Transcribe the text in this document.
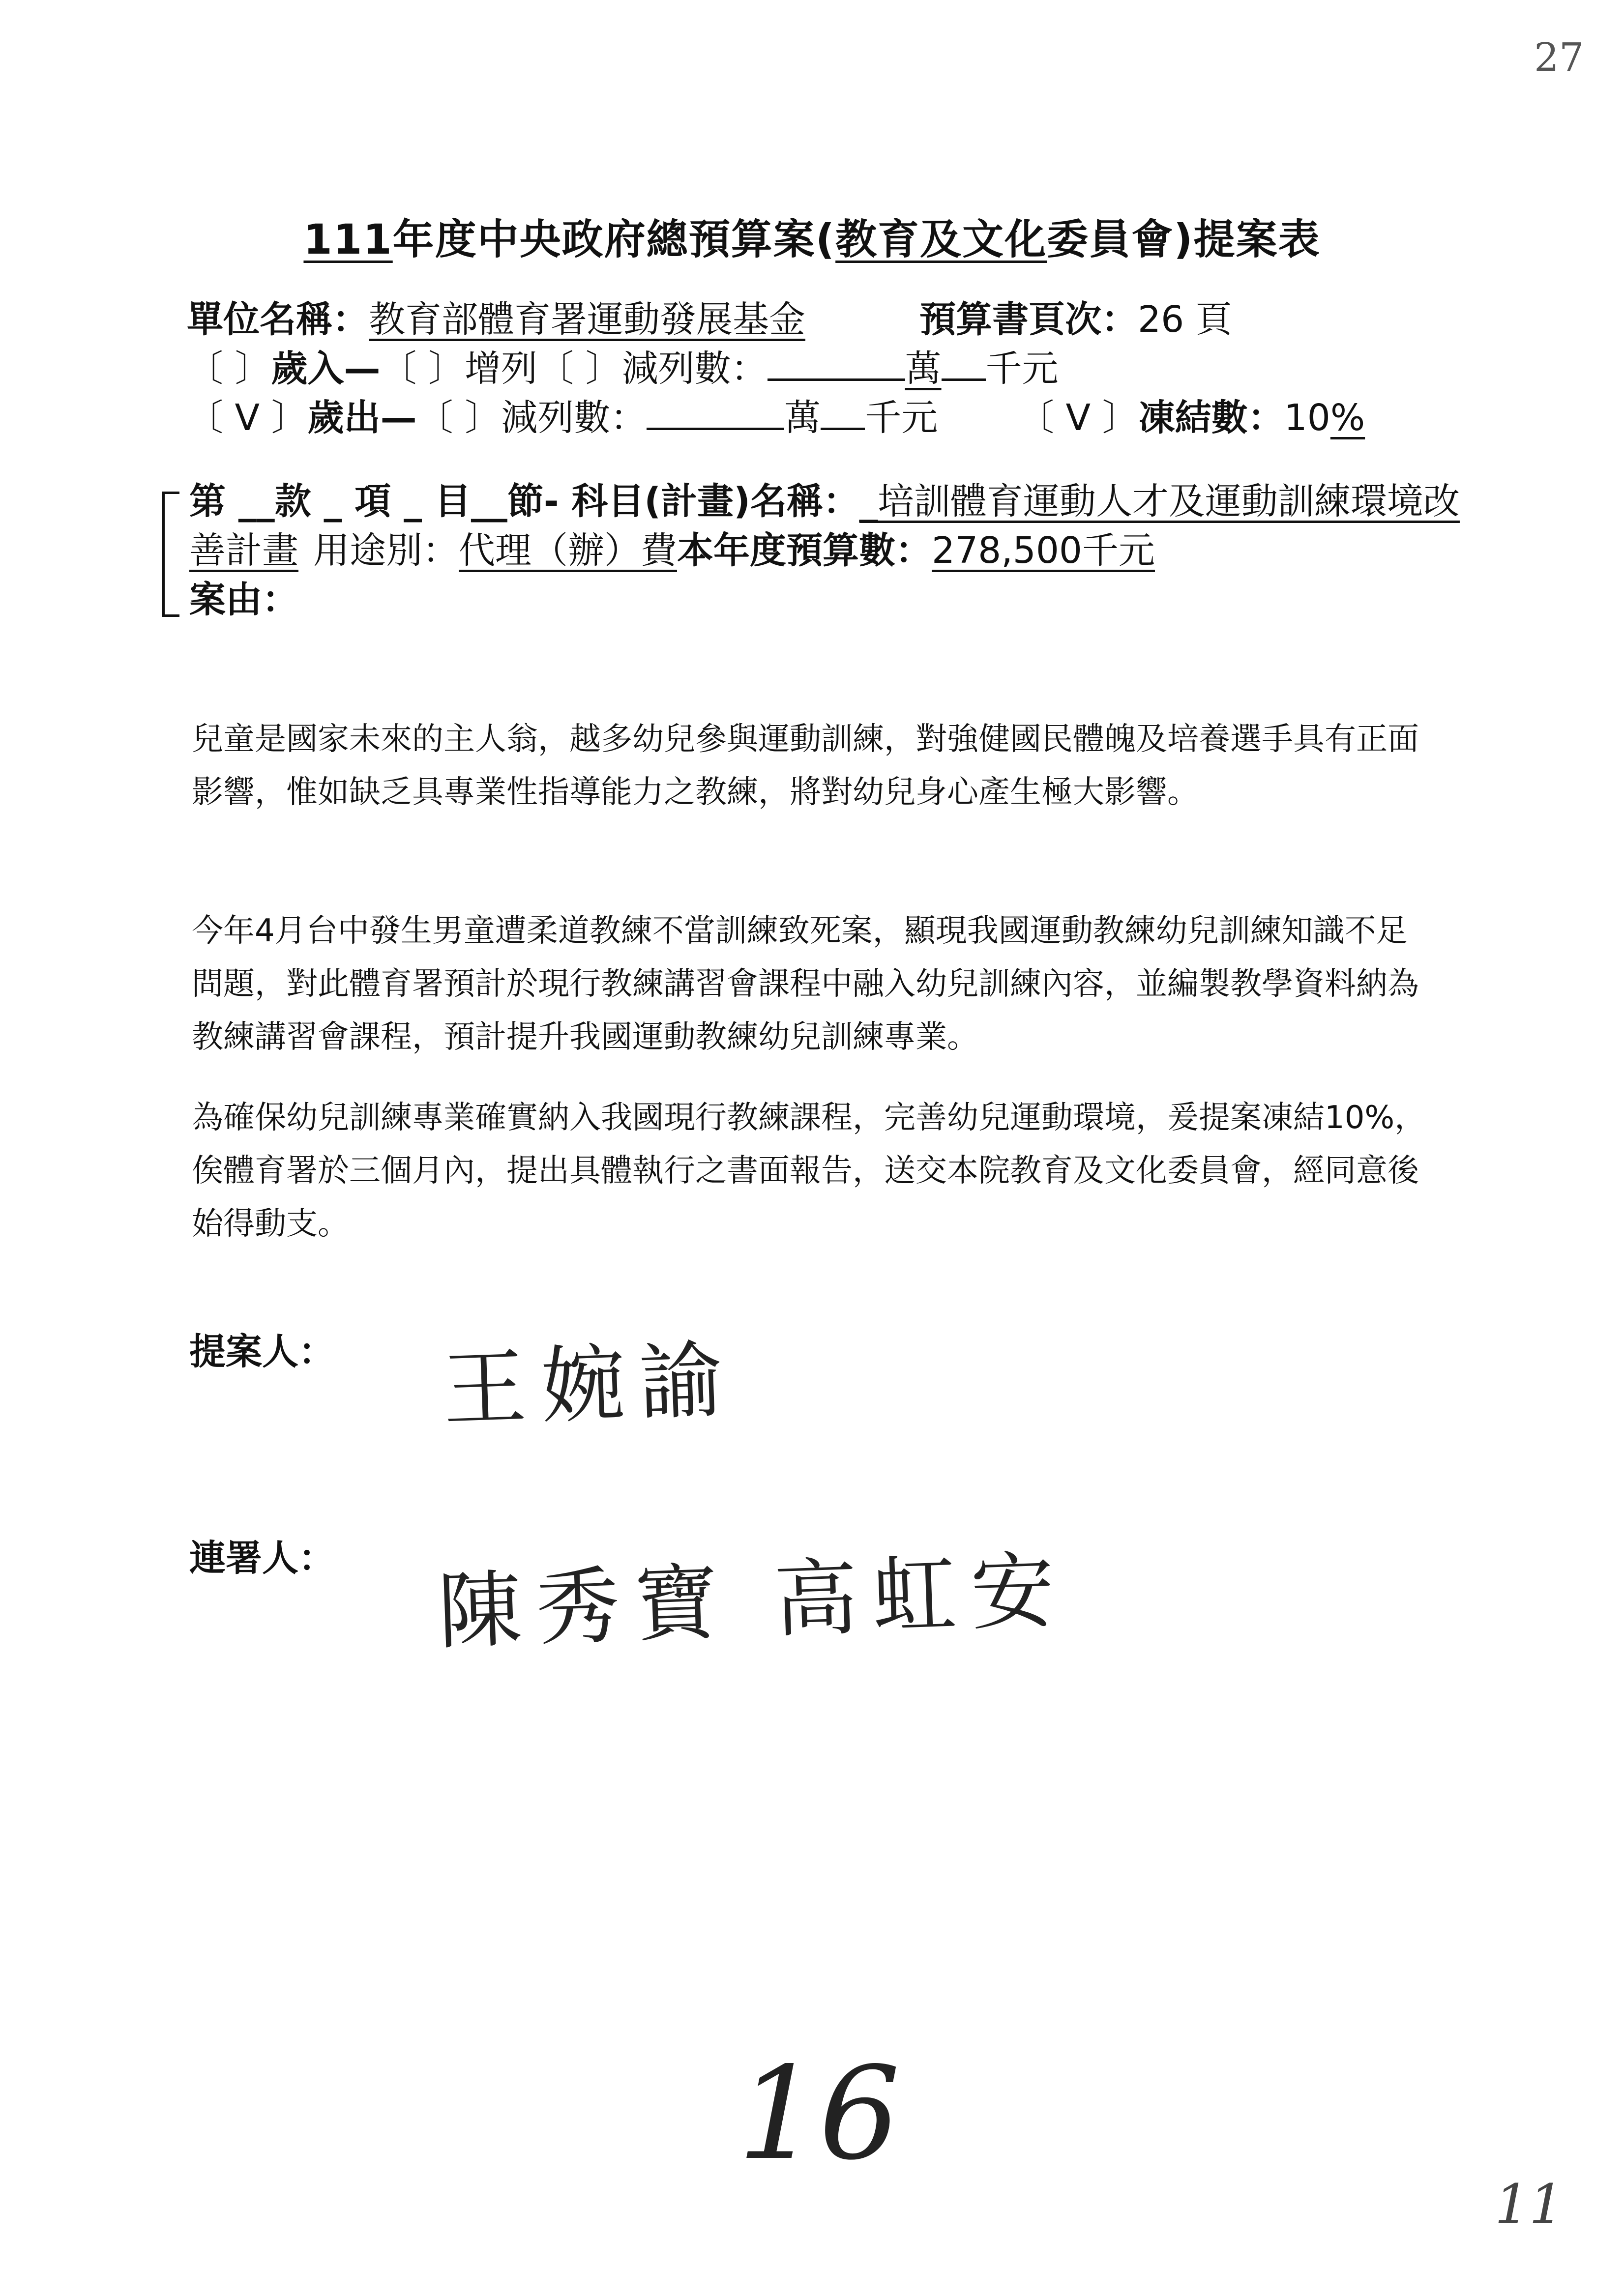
27
111年度中央政府總預算案(教育及文化委員會)提案表
單位名稱：教育部體育署運動發展基金	預算書頁次：26 頁
〔 〕歲入—〔 〕增列〔 〕減列數：	萬 千元
〔 V 〕歲出—〔 〕減列數：	萬 千元 〔 V 〕凍結數：10%
第 __款 _ 項 _ 目__節- 科目(計畫)名稱：_培訓體育運動人才及運動訓練環境改
善計畫 用途別：代理（辦）費本年度預算數：278,500千元
案由：
兒童是國家未來的主人翁，越多幼兒參與運動訓練，對強健國民體魄及培養選手具有正面影響，惟如缺乏具專業性指導能力之教練，將對幼兒身心產生極大影響。
今年4月台中發生男童遭柔道教練不當訓練致死案，顯現我國運動教練幼兒訓練知識不足問題，對此體育署預計於現行教練講習會課程中融入幼兒訓練內容，並編製教學資料納為教練講習會課程，預計提升我國運動教練幼兒訓練專業。
為確保幼兒訓練專業確實納入我國現行教練課程，完善幼兒運動環境，爰提案凍結10%，俟體育署於三個月內，提出具體執行之書面報告，送交本院教育及文化委員會，經同意後始得動支。
提案人： 王婉諭
連署人： 陳秀寶 高虹安
16
11
